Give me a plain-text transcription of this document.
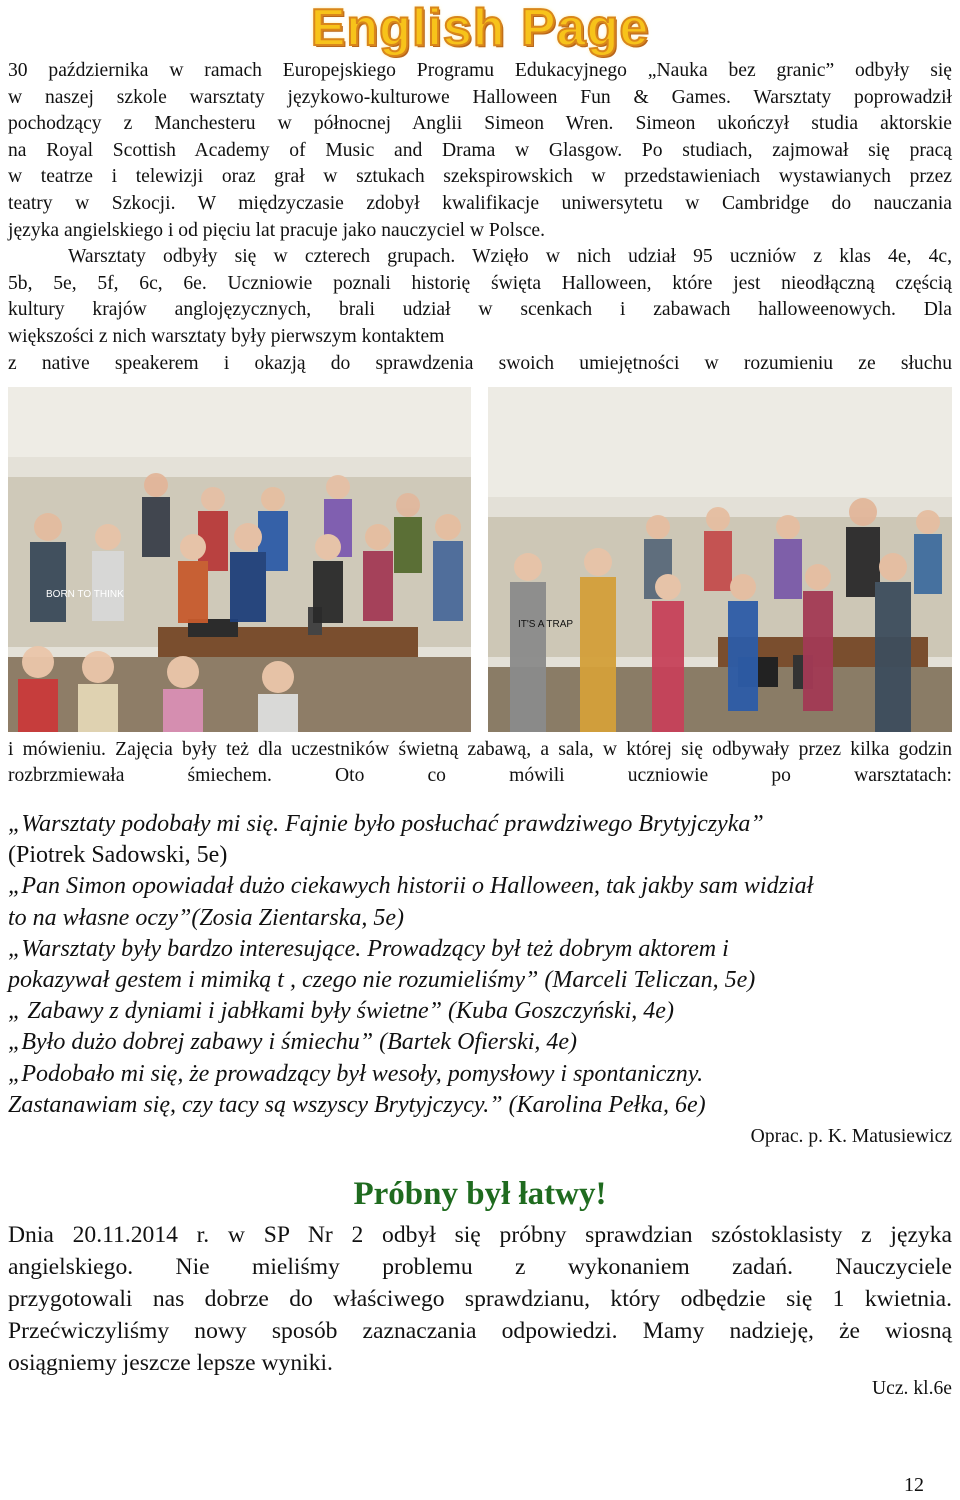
English Page
30 października w ramach Europejskiego Programu Edukacyjnego „Nauka bez granic” odbyły się
w naszej szkole warsztaty językowo-kulturowe Halloween Fun & Games. Warsztaty poprowadził
pochodzący z Manchesteru w północnej Anglii Simeon Wren. Simeon ukończył studia aktorskie
na Royal Scottish Academy of Music and Drama w Glasgow. Po studiach, zajmował się pracą
w teatrze i telewizji oraz grał w sztukach szekspirowskich w przedstawieniach wystawianych przez
teatry w Szkocji. W międzyczasie zdobył kwalifikacje uniwersytetu w Cambridge do nauczania
języka angielskiego i od pięciu lat pracuje jako nauczyciel w Polsce.
Warsztaty odbyły się w czterech grupach. Wzięło w nich udział 95 uczniów z klas 4e, 4c,
5b, 5e, 5f, 6c, 6e. Uczniowie poznali historię święta Halloween, które jest nieodłączną częścią
kultury krajów anglojęzycznych, brali udział w scenkach i zabawach halloweenowych. Dla
większości z nich warsztaty były pierwszym kontaktem
z native speakerem i okazją do sprawdzenia swoich umiejętności w rozumieniu ze słuchu
BORN TO THINK
IT'S A TRAP
i mówieniu. Zajęcia były też dla uczestników świetną zabawą, a sala, w której się odbywały przez kilka godzin rozbrzmiewała śmiechem. Oto co mówili uczniowie po warsztatach:
„Warsztaty podobały mi się. Fajnie było posłuchać prawdziwego Brytyjczyka”
(Piotrek Sadowski, 5e)
„Pan Simon opowiadał dużo ciekawych historii o Halloween, tak jakby sam widział
to na własne oczy”(Zosia Zientarska, 5e)
„Warsztaty były bardzo interesujące. Prowadzący był też dobrym aktorem i
pokazywał gestem i mimiką t , czego nie rozumieliśmy” (Marceli Teliczan, 5e)
„ Zabawy z dyniami i jabłkami były świetne” (Kuba Goszczyński, 4e)
„Było dużo dobrej zabawy i śmiechu” (Bartek Ofierski, 4e)
„Podobało mi się, że prowadzący był wesoły, pomysłowy i spontaniczny.
Zastanawiam się, czy tacy są wszyscy Brytyjczycy.” (Karolina Pełka, 6e)
Oprac. p. K. Matusiewicz
Próbny był łatwy!
Dnia 20.11.2014 r. w SP Nr 2 odbył się próbny sprawdzian szóstoklasisty z języka
angielskiego. Nie mieliśmy problemu z wykonaniem zadań. Nauczyciele
przygotowali nas dobrze do właściwego sprawdzianu, który odbędzie się 1 kwietnia.
Przećwiczyliśmy nowy sposób zaznaczania odpowiedzi. Mamy nadzieję, że wiosną
osiągniemy jeszcze lepsze wyniki.
Ucz. kl.6e
12
